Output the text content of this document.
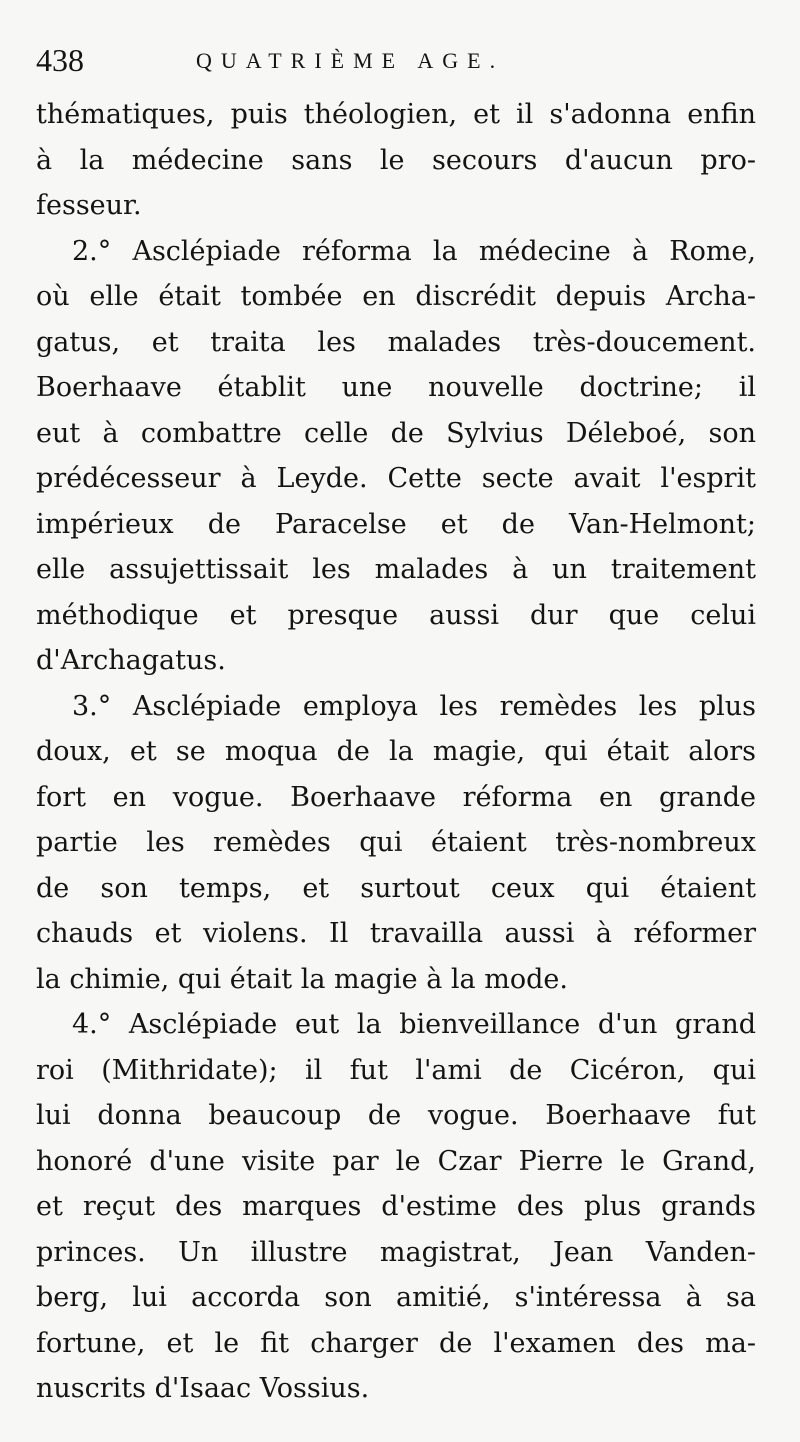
438	QUATRIÈME AGE.
thématiques, puis théologien, et il s'adonna enfin
à la médecine sans le secours d'aucun pro-
fesseur.
2.° Asclépiade réforma la médecine à Rome,
où elle était tombée en discrédit depuis Archa-
gatus, et traita les malades très-doucement.
Boerhaave établit une nouvelle doctrine; il
eut à combattre celle de Sylvius Déleboé, son
prédécesseur à Leyde. Cette secte avait l'esprit
impérieux de Paracelse et de Van-Helmont;
elle assujettissait les malades à un traitement
méthodique et presque aussi dur que celui
d'Archagatus.
3.° Asclépiade employa les remèdes les plus
doux, et se moqua de la magie, qui était alors
fort en vogue. Boerhaave réforma en grande
partie les remèdes qui étaient très-nombreux
de son temps, et surtout ceux qui étaient
chauds et violens. Il travailla aussi à réformer
la chimie, qui était la magie à la mode.
4.° Asclépiade eut la bienveillance d'un grand
roi (Mithridate); il fut l'ami de Cicéron, qui
lui donna beaucoup de vogue. Boerhaave fut
honoré d'une visite par le Czar Pierre le Grand,
et reçut des marques d'estime des plus grands
princes. Un illustre magistrat, Jean Vanden-
berg, lui accorda son amitié, s'intéressa à sa
fortune, et le fit charger de l'examen des ma-
nuscrits d'Isaac Vossius.
